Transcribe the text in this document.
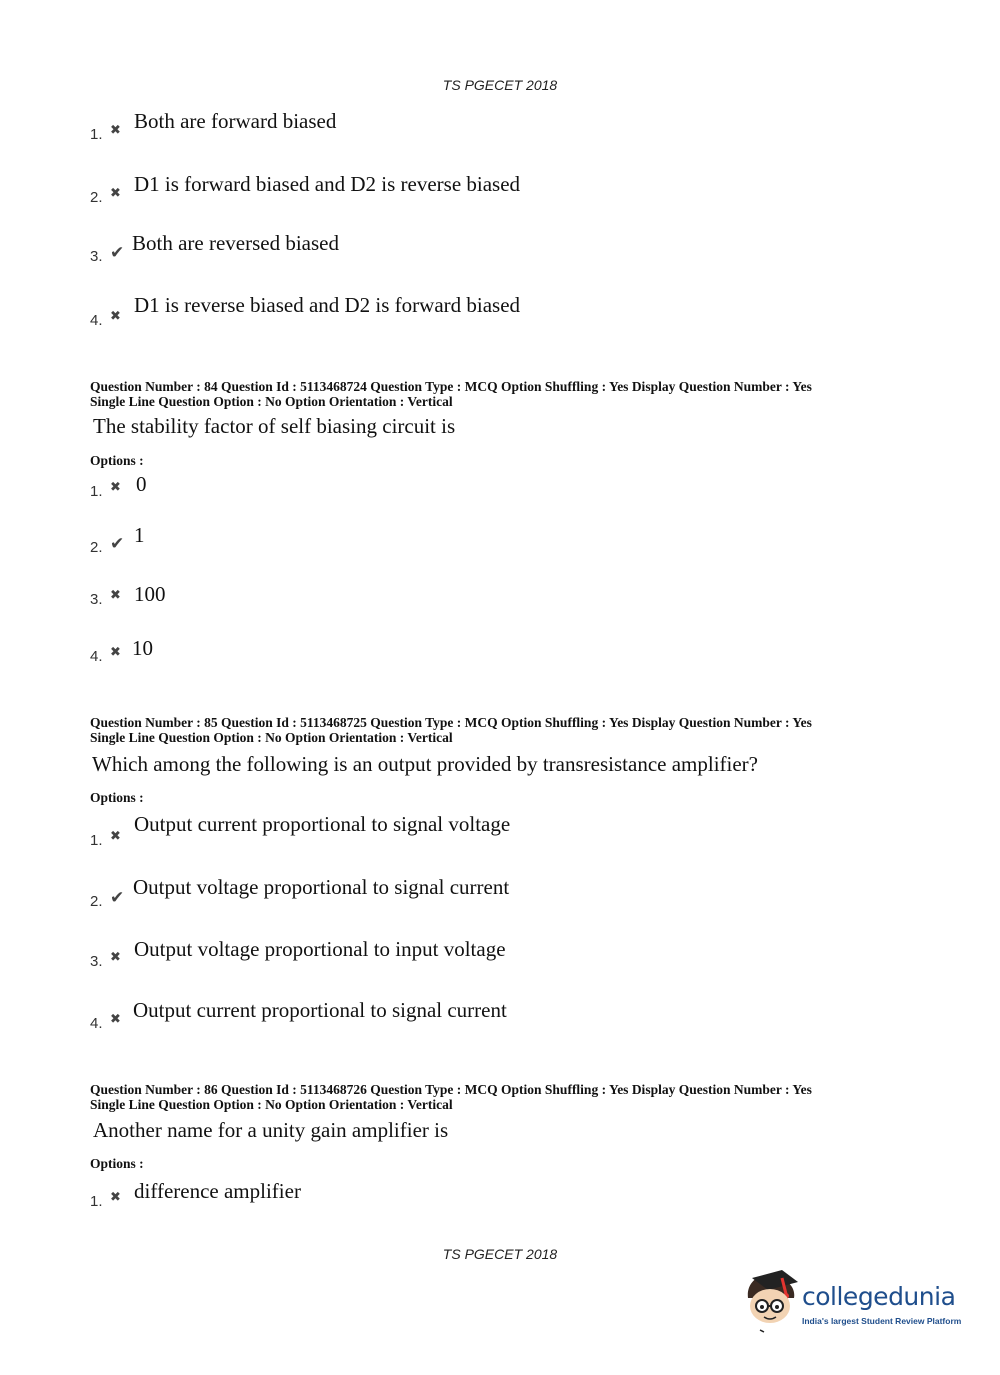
TS PGECET 2018
1. ✖ Both are forward biased
2. ✖ D1 is forward biased and D2 is reverse biased
3. ✔ Both are reversed biased
4. ✖ D1 is reverse biased and D2 is forward biased
Question Number : 84 Question Id : 5113468724 Question Type : MCQ Option Shuffling : Yes Display Question Number : Yes
Single Line Question Option : No Option Orientation : Vertical
The stability factor of self biasing circuit is
Options :
1. ✖ 0
2. ✔ 1
3. ✖ 100
4. ✖ 10
Question Number : 85 Question Id : 5113468725 Question Type : MCQ Option Shuffling : Yes Display Question Number : Yes
Single Line Question Option : No Option Orientation : Vertical
Which among the following is an output provided by transresistance amplifier?
Options :
1. ✖
Output current proportional to signal voltage
2. ✔ Output voltage proportional to signal current
3. ✖ Output voltage proportional to input voltage
4. ✖ Output current proportional to signal current
Question Number : 86 Question Id : 5113468726 Question Type : MCQ Option Shuffling : Yes Display Question Number : Yes
Single Line Question Option : No Option Orientation : Vertical
Another name for a unity gain amplifier is
Options :
1. ✖ difference amplifier
TS PGECET 2018
collegedunia
India's largest Student Review Platform
